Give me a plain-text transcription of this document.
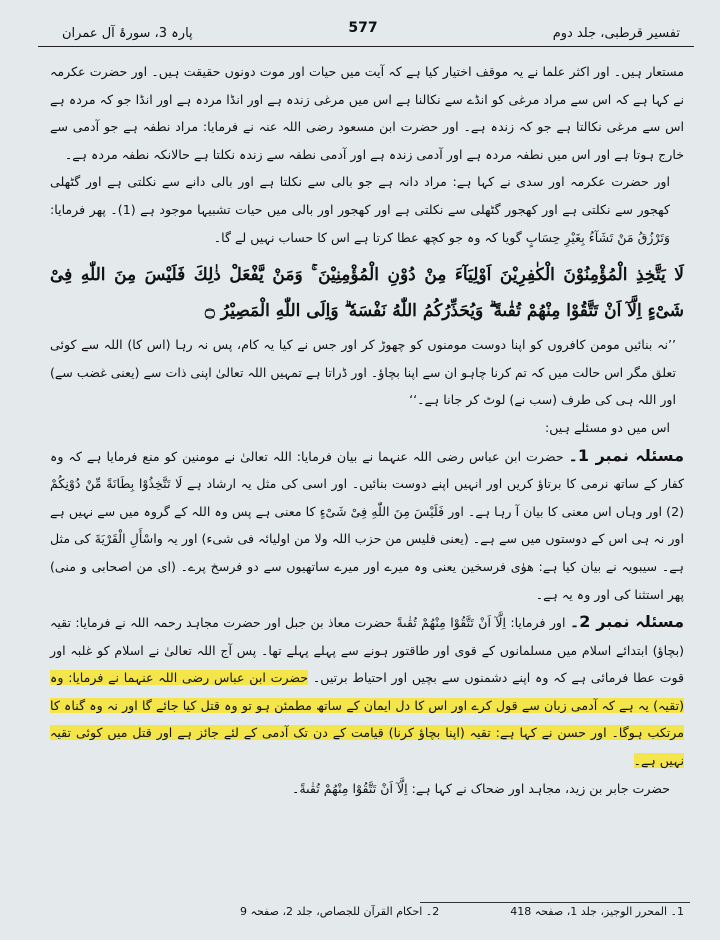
پارہ 3، سورۂ آل عمران	577	تفسیر قرطبی، جلد دوم

مستعار ہیں۔ اور اکثر علما نے یہ موقف اختیار کیا ہے کہ آیت میں حیات اور موت دونوں حقیقت ہیں۔ اور حضرت عکرمہ نے کہا ہے کہ اس سے مراد مرغی کو انڈے سے نکالنا ہے اس میں مرغی زندہ ہے اور انڈا مردہ ہے اور انڈا جو کہ مردہ ہے اس سے مرغی نکالتا ہے جو کہ زندہ ہے۔ اور حضرت ابن مسعود رضی اللہ عنہ نے فرمایا: مراد نطفہ ہے جو آدمی سے خارج ہوتا ہے اور اس میں نطفہ مردہ ہے اور آدمی زندہ ہے اور آدمی نطفہ سے زندہ نکلتا ہے حالانکہ نطفہ مردہ ہے۔

اور حضرت عکرمہ اور سدی نے کہا ہے: مراد دانہ ہے جو بالی سے نکلتا ہے اور بالی دانے سے نکلتی ہے اور گٹھلی کھجور سے نکلتی ہے اور کھجور گٹھلی سے نکلتی ہے اور کھجور اور بالی میں حیات تشبیہا موجود ہے (1)۔ پھر فرمایا: وَتَرْزُقُ مَنْ تَشَآءُ بِغَیْرِ حِسَابٍ گویا کہ وہ جو کچھ عطا کرتا ہے اس کا حساب نہیں لے گا۔

لَا یَتَّخِذِ الْمُؤْمِنُوْنَ الْكٰفِرِیْنَ اَوْلِیَآءَ مِنْ دُوْنِ الْمُؤْمِنِیْنَ ۚ وَمَنْ یَّفْعَلْ ذٰلِكَ فَلَیْسَ مِنَ اللّٰهِ فِیْ شَیْءٍ اِلَّآ اَنْ تَتَّقُوْا مِنْهُمْ تُقٰىةً ۗ وَیُحَذِّرُكُمُ اللّٰهُ نَفْسَهٗ ۗ وَاِلَى اللّٰهِ الْمَصِیْرُ ۝

’’نہ بنائیں مومن کافروں کو اپنا دوست مومنوں کو چھوڑ کر اور جس نے کیا یہ کام، پس نہ رہا (اس کا) اللہ سے کوئی تعلق مگر اس حالت میں کہ تم کرنا چاہو ان سے اپنا بچاؤ۔ اور ڈراتا ہے تمہیں اللہ تعالیٰ اپنی ذات سے (یعنی غضب سے) اور اللہ ہی کی طرف (سب نے) لوٹ کر جانا ہے۔‘‘

اس میں دو مسئلے ہیں:

مسئلہ نمبر 1۔ حضرت ابن عباس رضی اللہ عنہما نے بیان فرمایا: اللہ تعالیٰ نے مومنین کو منع فرمایا ہے کہ وہ کفار کے ساتھ نرمی کا برتاؤ کریں اور انہیں اپنے دوست بنائیں۔ اور اسی کی مثل یہ ارشاد ہے لَا تَتَّخِذُوْا بِطَانَةً مِّنْ دُوْنِكُمْ (2) اور وہاں اس معنی کا بیان آ رہا ہے۔ اور فَلَیْسَ مِنَ اللّٰهِ فِیْ شَیْءٍ کا معنی ہے پس وہ اللہ کے گروہ میں سے نہیں ہے اور نہ ہی اس کے دوستوں میں سے ہے۔ (یعنی فلیس من حزب اللہ ولا من اولیائہ فی شیء) اور یہ واسْأَلِ الْقَرْیَةَ کی مثل ہے۔ سیبویہ نے بیان کیا ہے: ھوٰی فرسخین یعنی وہ میرے اور میرے ساتھیوں سے دو فرسخ پرے۔ (ای من اصحابی و منی) پھر استثنا کی اور وہ یہ ہے۔

مسئلہ نمبر 2۔ اور فرمایا: اِلَّآ اَنْ تَتَّقُوْا مِنْهُمْ تُقٰىةً حضرت معاذ بن جبل اور حضرت مجاہد رحمہ اللہ نے فرمایا: تقیہ (بچاؤ) ابتدائے اسلام میں مسلمانوں کے قوی اور طاقتور ہونے سے پہلے پہلے تھا۔ پس آج اللہ تعالیٰ نے اسلام کو غلبہ اور قوت عطا فرمائی ہے کہ وہ اپنے دشمنوں سے بچیں اور احتیاط برتیں۔ حضرت ابن عباس رضی اللہ عنہما نے فرمایا: وہ (تقیہ) یہ ہے کہ آدمی زبان سے قول کرے اور اس کا دل ایمان کے ساتھ مطمئن ہو تو وہ قتل کیا جائے گا اور نہ وہ گناہ کا مرتکب ہوگا۔ اور حسن نے کہا ہے: تقیہ (اپنا بچاؤ کرنا) قیامت کے دن تک آدمی کے لئے جائز ہے اور قتل میں کوئی تقیہ نہیں ہے۔

حضرت جابر بن زید، مجاہد اور ضحاک نے کہا ہے: اِلَّآ اَنْ تَتَّقُوْا مِنْهُمْ تُقٰىةً۔

1۔ المحرر الوجیز، جلد 1، صفحہ 418
2۔ احکام القرآن للجصاص، جلد 2، صفحہ 9
